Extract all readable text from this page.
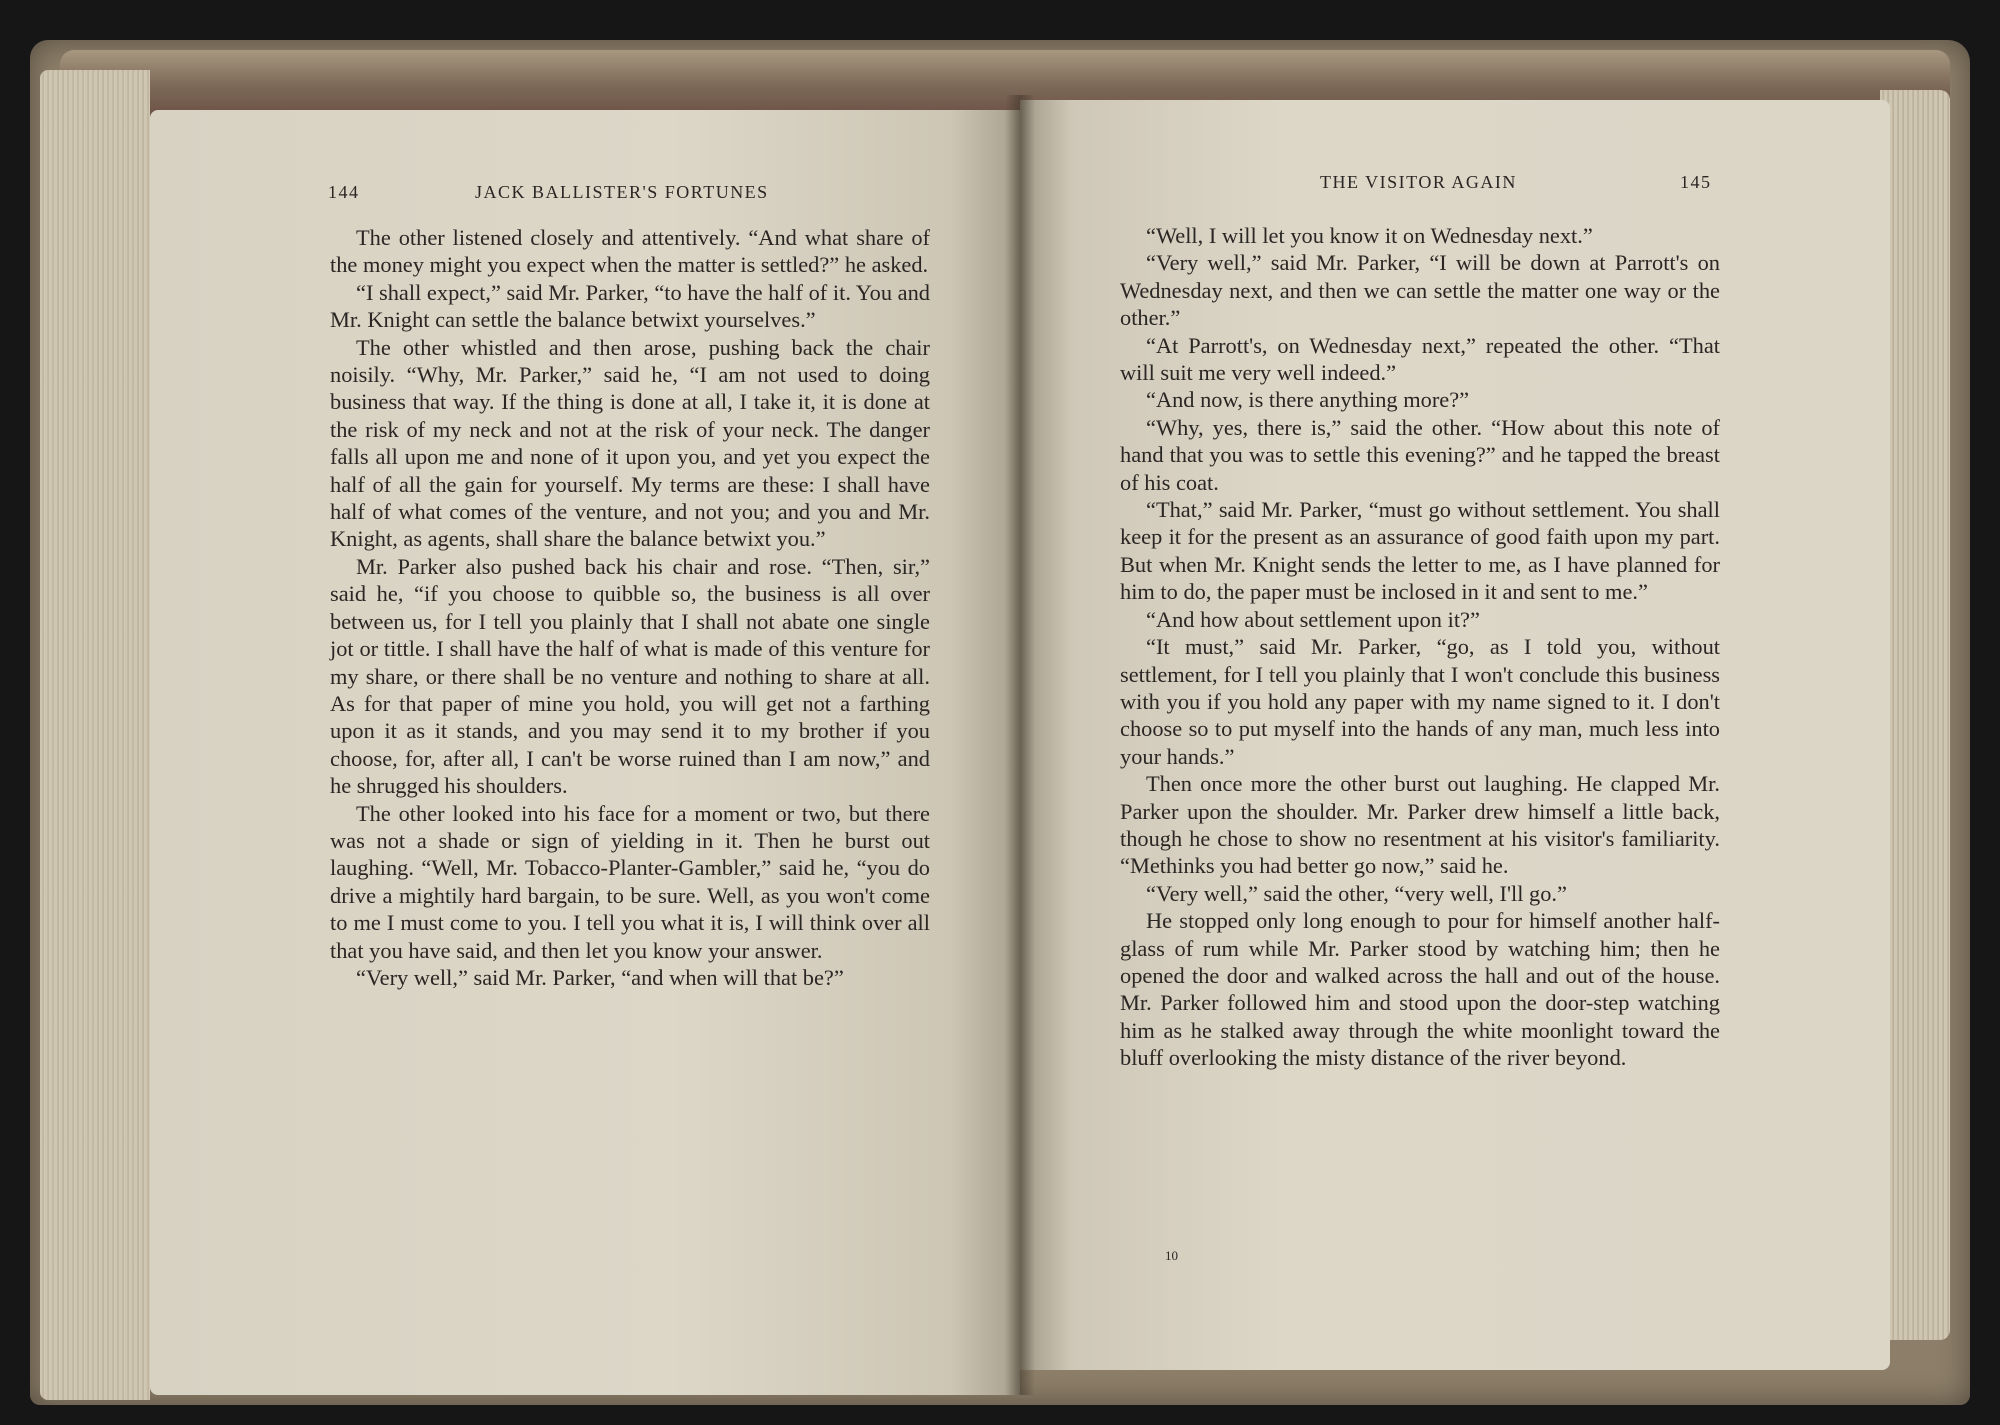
144	JACK BALLISTER'S FORTUNES

The other listened closely and attentively. “And what share of the money might you expect when the matter is settled?” he asked.

“I shall expect,” said Mr. Parker, “to have the half of it. You and Mr. Knight can settle the balance betwixt yourselves.”

The other whistled and then arose, pushing back the chair noisily. “Why, Mr. Parker,” said he, “I am not used to doing business that way. If the thing is done at all, I take it, it is done at the risk of my neck and not at the risk of your neck. The danger falls all upon me and none of it upon you, and yet you expect the half of all the gain for yourself. My terms are these: I shall have half of what comes of the venture, and not you; and you and Mr. Knight, as agents, shall share the balance betwixt you.”

Mr. Parker also pushed back his chair and rose. “Then, sir,” said he, “if you choose to quibble so, the business is all over between us, for I tell you plainly that I shall not abate one single jot or tittle. I shall have the half of what is made of this venture for my share, or there shall be no venture and nothing to share at all. As for that paper of mine you hold, you will get not a farthing upon it as it stands, and you may send it to my brother if you choose, for, after all, I can't be worse ruined than I am now,” and he shrugged his shoulders.

The other looked into his face for a moment or two, but there was not a shade or sign of yielding in it. Then he burst out laughing. “Well, Mr. Tobacco-Planter-Gambler,” said he, “you do drive a mightily hard bargain, to be sure. Well, as you won't come to me I must come to you. I tell you what it is, I will think over all that you have said, and then let you know your answer.

“Very well,” said Mr. Parker, “and when will that be?”

THE VISITOR AGAIN	145

“Well, I will let you know it on Wednesday next.”

“Very well,” said Mr. Parker, “I will be down at Parrott's on Wednesday next, and then we can settle the matter one way or the other.”

“At Parrott's, on Wednesday next,” repeated the other. “That will suit me very well indeed.”

“And now, is there anything more?”

“Why, yes, there is,” said the other. “How about this note of hand that you was to settle this evening?” and he tapped the breast of his coat.

“That,” said Mr. Parker, “must go without settlement. You shall keep it for the present as an assurance of good faith upon my part. But when Mr. Knight sends the letter to me, as I have planned for him to do, the paper must be inclosed in it and sent to me.”

“And how about settlement upon it?”

“It must,” said Mr. Parker, “go, as I told you, without settlement, for I tell you plainly that I won't conclude this business with you if you hold any paper with my name signed to it. I don't choose so to put myself into the hands of any man, much less into your hands.”

Then once more the other burst out laughing. He clapped Mr. Parker upon the shoulder. Mr. Parker drew himself a little back, though he chose to show no resentment at his visitor's familiarity. “Methinks you had better go now,” said he.

“Very well,” said the other, “very well, I'll go.”

He stopped only long enough to pour for himself another half-glass of rum while Mr. Parker stood by watching him; then he opened the door and walked across the hall and out of the house. Mr. Parker followed him and stood upon the door-step watching him as he stalked away through the white moonlight toward the bluff overlooking the misty distance of the river beyond.

10
